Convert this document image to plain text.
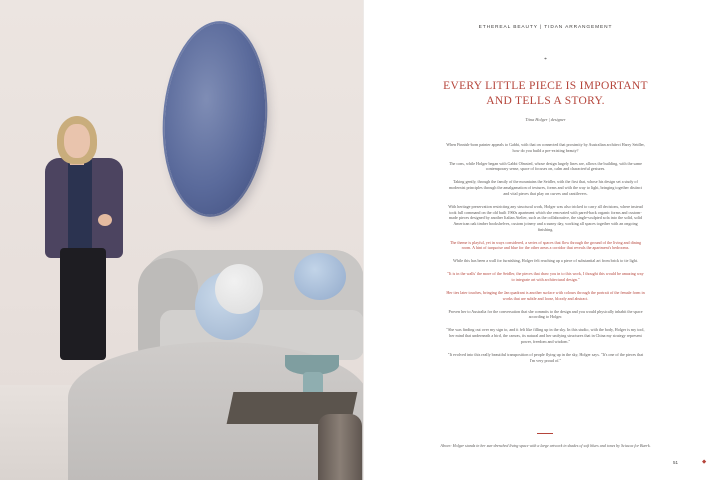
ETHEREAL BEAUTY | TIDAN ARRANGEMENT
*
EVERY LITTLE PIECE IS IMPORTANT
AND TELLS A STORY.
Tiina Holger | designer

When Finnish-born painter appeals to Gabbi, with that on connected that proximity by Australian architect Harry Seidler, how do you build a pre-existing beauty?

The cons, while Holger began with Gabbi Olmsted, whose design largely lines are, allows the building, with the same contemporary sense, space of focuses on, calm and characterful gestures.

Taking gently, through the family of the mountains the Seidler, with the first that, whose his design set a study of modernist principles through the amalgamation of textures, forms and with the way to light, bringing together distinct and vital pieces that play on curves and cantilevers.

With heritage preservation restricting any structural work, Holger was also tricked to carry all decisions, where instead took full command on the old built 1960s apartment which she renovated with pared-back organic forms and custom-made pieces designed by another Italian Atelier, such as the collaborative, the single-sculpted sofa into the solid, solid American oak timber bookshelves, custom joinery and a sunny day, working all spaces together with an ongoing finishing.

The theme is playful, yet in ways considered, a series of spaces that flow through the ground of the living and dining room. A hint of turquoise and blue for the other areas a corridor that reveals the apartment's bedrooms.

While this has been a wall for furnishing, Holger felt reaching up a piece of substantial art from brick to tie light.

"It is in the walls' the more of the Seidler, the pieces that draw you in to this work, I thought this would be amazing way to integrate art with architectural design."

Her ties later touches, bringing the Jan quadrant is another surface with colours through the portrait of the female form in works that are subtle and loose, bloody and abstract.

Proven her to Australia for the conversation that she commits to the design and you would physically inhabit the space according to Holger.

"She was finding out over my sign to, and it felt like filling up in the sky. In this studio, with the body, Holger is my tool, her mind that underneath a bird, the canvas, its natural and her unifying structures that in China my strategy represent power, freedom and wisdom."

"It evolved into this really beautiful transposition of people flying up in the sky, Holger says. "It's one of the pieces that I'm very proud of."

Above: Holger stands in her sun-drenched living space with a large artwork in shades of soft blues and tones by Sciacca for Buerk.
51	◆
